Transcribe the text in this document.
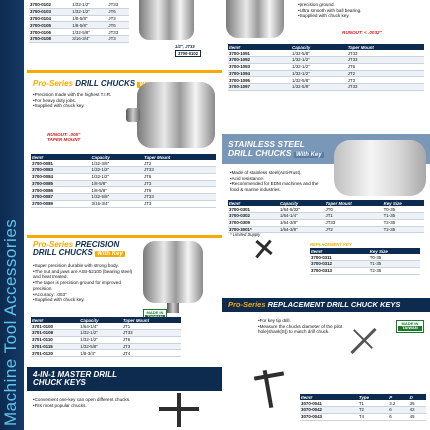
Machine Tool Accessories
3700-0102	1/32-1/2"	JT33
3700-0103	1/32-1/2"	JT6
3700-0104	1/8-5/8"	JT3
3700-0105	1/8-5/8"	JT6
3700-0106	1/32-5/8"	JT33
3700-0108	3/16-3/4"	JT3
1/2", JT33
3700-0102
• precision ground.
• Ultra smooth with ball bearing.
• Supplied with chuck key.
RUNOUT: < .0032"
Item#	Capacity	Taper Mount
3700-1091	1/32-5/8"	JT33
3700-1092	1/32-1/2"	JT33
3700-1093	1/32-1/2"	JT6
3700-1094	1/32-1/2"	JT2
3700-1095	1/32-5/8"	JT3
3700-1097	1/32-5/8"	JT33
Pro-Series DRILL CHUCKS
• Precision made with the highest T.I.R.
• For heavy duty jobs.
• Supplied with chuck key.
RUNOUT: .005"
TAPER MOUNT
Item#	Capacity	Taper Mount
3700-0081	1/32-3/8"	JT2
3700-0083	1/32-1/2"	JT33
3700-0084	1/32-1/2"	JT6
3700-0085	1/8-5/8"	JT3
3700-0086	1/8-5/8"	JT6
3700-0087	1/32-5/8"	JT33
3700-0089	3/16-3/4"	JT3
STAINLESS STEEL
DRILL CHUCKS With Key
• Made of stainless steel(Anti-Rust).
• Acid resistance.
• Recommended for EDM machines and the food & marine industries.
Item#	Capacity	Taper Mount	Key Size
3700-0301	1/64-5/32"	JT0	T0-35
3700-0302	1/64-1/4"	JT1	T1-35
3700-0309	1/64-3/8"	JT33	T2-35
3700-3001*	1/64-3/8"	JT2	T2-35
* Limited Supply
REPLACEMENT KEY
Item#	Key Size
3700-0311	T0-35
3700-0312	T1-35
3700-0313	T2-35
Pro-Series PRECISION
DRILL CHUCKS With Key
• Super precision durable with strong body.
• The nut and jaws are AISI-52100 (bearing steel) and heat treated.
• The taper is precision ground for improved precision.
• Accuracy: .003"
• Supplied with chuck key.
MADE IN
Item#	Capacity	Taper Mount
3701-0100	1/64-1/4"	JT1
3701-0108	1/32-1/2"	JT33
3701-0110	1/32-1/2"	JT6
3701-0115	1/32-5/8"	JT3
3701-0120	1/8-3/4"	JT4
Pro-Series REPLACEMENT DRILL CHUCK KEYS
• For key tip drill.
• Measure the chucks diameter of the pilot hole(shank[S]) to match drill chuck.
MADE IN
TAIWAN
Item#	Type	P	D
3070-0041	T1	3.2	35
3070-0042	T2	6	42
3070-0043	T4	6	45
4-IN-1 MASTER DRILL
CHUCK KEYS
• Convenient one-key can open different chucks.
• Fits most popular chucks.
